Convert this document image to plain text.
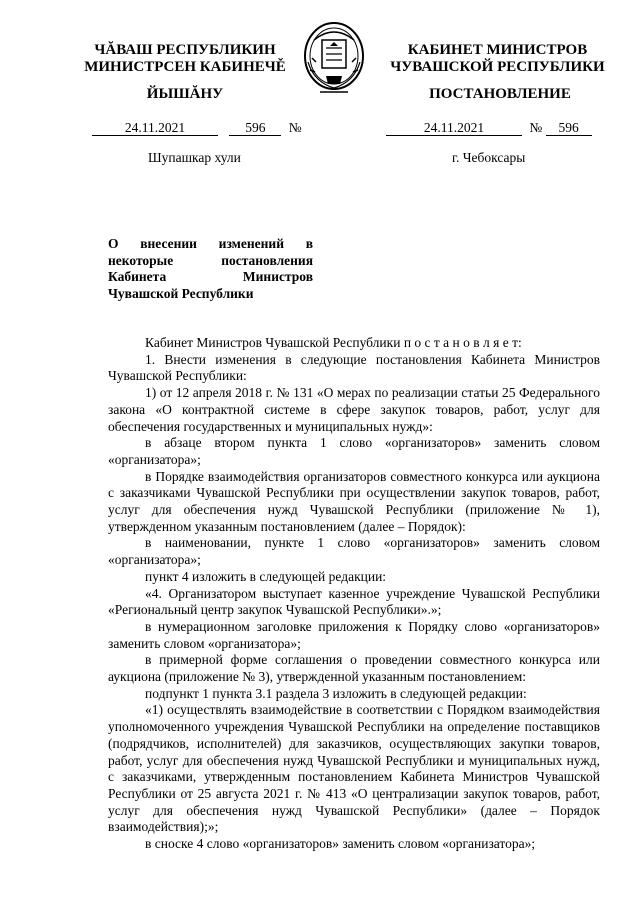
ЧĂВАШ РЕСПУБЛИКИН
МИНИСТРСЕН КАБИНЕЧĚ
ЙЫШĂНУ
КАБИНЕТ МИНИСТРОВ
ЧУВАШСКОЙ РЕСПУБЛИКИ
ПОСТАНОВЛЕНИЕ
24.11.2021	596 №	24.11.2021	№ 596
Шупашкар хули	г. Чебоксары
О внесении изменений в некоторые постановления Кабинета Министров Чувашской Республики

Кабинет Министров Чувашской Республики п о с т а н о в л я е т:

1. Внести изменения в следующие постановления Кабинета Министров Чувашской Республики:

1) от 12 апреля 2018 г. № 131 «О мерах по реализации статьи 25 Федерального закона «О контрактной системе в сфере закупок товаров, работ, услуг для обеспечения государственных и муниципальных нужд»:

в абзаце втором пункта 1 слово «организаторов» заменить словом «организатора»;

в Порядке взаимодействия организаторов совместного конкурса или аукциона с заказчиками Чувашской Республики при осуществлении закупок товаров, работ, услуг для обеспечения нужд Чувашской Республики (приложение № 1), утвержденном указанным постановлением (далее – Порядок):

в наименовании, пункте 1 слово «организаторов» заменить словом «организатора»;

пункт 4 изложить в следующей редакции:

«4. Организатором выступает казенное учреждение Чувашской Республики «Региональный центр закупок Чувашской Республики».»;

в нумерационном заголовке приложения к Порядку слово «организаторов» заменить словом «организатора»;

в примерной форме соглашения о проведении совместного конкурса или аукциона (приложение № 3), утвержденной указанным постановлением:

подпункт 1 пункта 3.1 раздела 3 изложить в следующей редакции:

«1) осуществлять взаимодействие в соответствии с Порядком взаимодействия уполномоченного учреждения Чувашской Республики на определение поставщиков (подрядчиков, исполнителей) для заказчиков, осуществляющих закупки товаров, работ, услуг для обеспечения нужд Чувашской Республики и муниципальных нужд, с заказчиками, утвержденным постановлением Кабинета Министров Чувашской Республики от 25 августа 2021 г. № 413 «О централизации закупок товаров, работ, услуг для обеспечения нужд Чувашской Республики» (далее – Порядок взаимодействия);»;

в сноске 4 слово «организаторов» заменить словом «организатора»;
